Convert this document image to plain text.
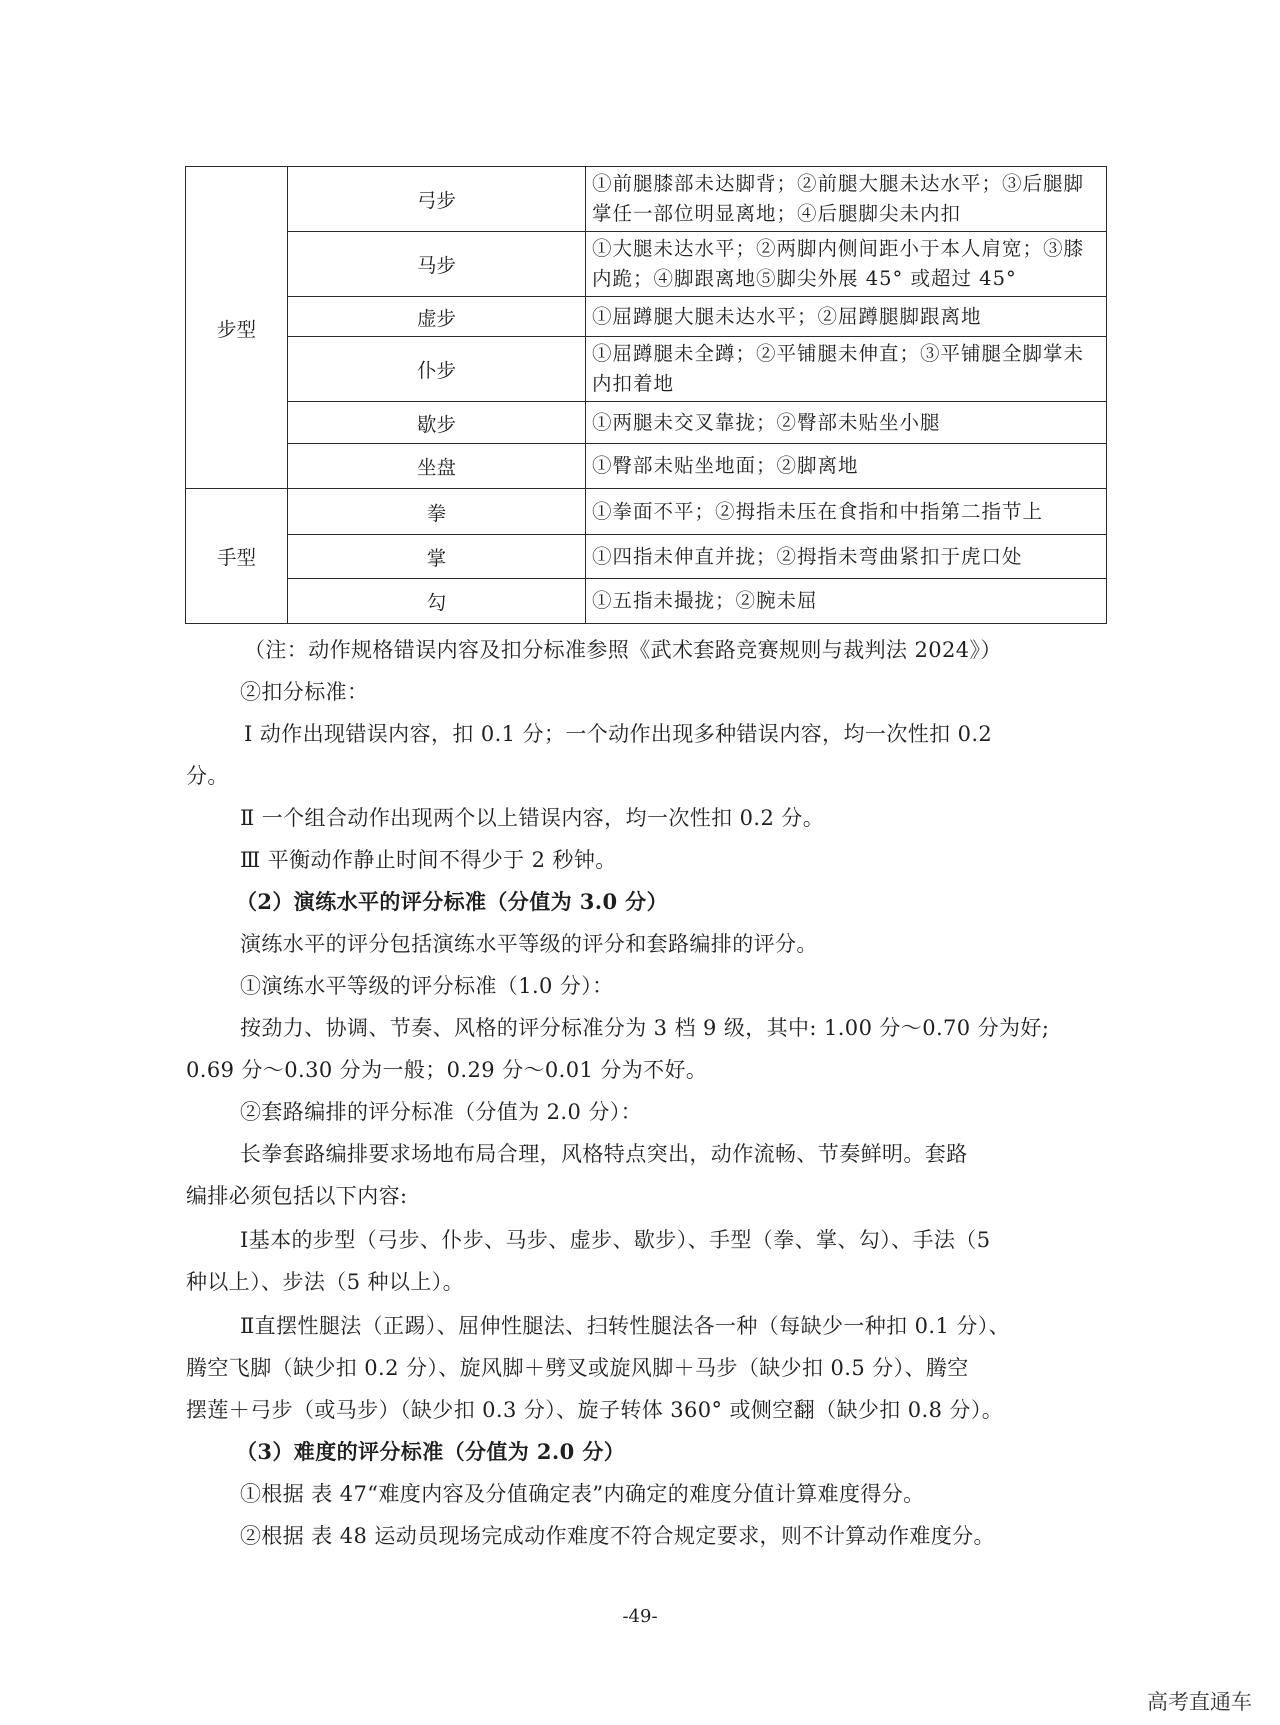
步型	弓步	①前腿膝部未达脚背；②前腿大腿未达水平；③后腿脚掌任一部位明显离地；④后腿脚尖未内扣
	马步	①大腿未达水平；②两脚内侧间距小于本人肩宽；③膝内跪；④脚跟离地⑤脚尖外展 45° 或超过 45°
	虚步	①屈蹲腿大腿未达水平；②屈蹲腿脚跟离地
	仆步	①屈蹲腿未全蹲；②平铺腿未伸直；③平铺腿全脚掌未内扣着地
	歇步	①两腿未交叉靠拢；②臀部未贴坐小腿
	坐盘	①臀部未贴坐地面；②脚离地
手型	拳	①拳面不平；②拇指未压在食指和中指第二指节上
	掌	①四指未伸直并拢；②拇指未弯曲紧扣于虎口处
	勾	①五指未撮拢；②腕未屈
（注：动作规格错误内容及扣分标准参照《武术套路竞赛规则与裁判法 2024》）
②扣分标准：
Ⅰ 动作出现错误内容，扣 0.1 分；一个动作出现多种错误内容，均一次性扣 0.2
分。
Ⅱ 一个组合动作出现两个以上错误内容，均一次性扣 0.2 分。
Ⅲ 平衡动作静止时间不得少于 2 秒钟。
（2）演练水平的评分标准（分值为 3.0 分）
演练水平的评分包括演练水平等级的评分和套路编排的评分。
①演练水平等级的评分标准（1.0 分）：
按劲力、协调、节奏、风格的评分标准分为 3 档 9 级，其中: 1.00 分～0.70 分为好;
0.69 分～0.30 分为一般；0.29 分～0.01 分为不好。
②套路编排的评分标准（分值为 2.0 分）：
长拳套路编排要求场地布局合理，风格特点突出，动作流畅、节奏鲜明。套路
编排必须包括以下内容:
Ⅰ基本的步型（弓步、仆步、马步、虚步、歇步）、手型（拳、掌、勾）、手法（5
种以上）、步法（5 种以上）。
Ⅱ直摆性腿法（正踢）、屈伸性腿法、扫转性腿法各一种（每缺少一种扣 0.1 分）、
腾空飞脚（缺少扣 0.2 分）、旋风脚＋劈叉或旋风脚＋马步（缺少扣 0.5 分）、腾空
摆莲＋弓步（或马步）（缺少扣 0.3 分）、旋子转体 360° 或侧空翻（缺少扣 0.8 分）。
（3）难度的评分标准（分值为 2.0 分）
①根据 表 47“难度内容及分值确定表”内确定的难度分值计算难度得分。
②根据 表 48 运动员现场完成动作难度不符合规定要求，则不计算动作难度分。
-49-
高考直通车
